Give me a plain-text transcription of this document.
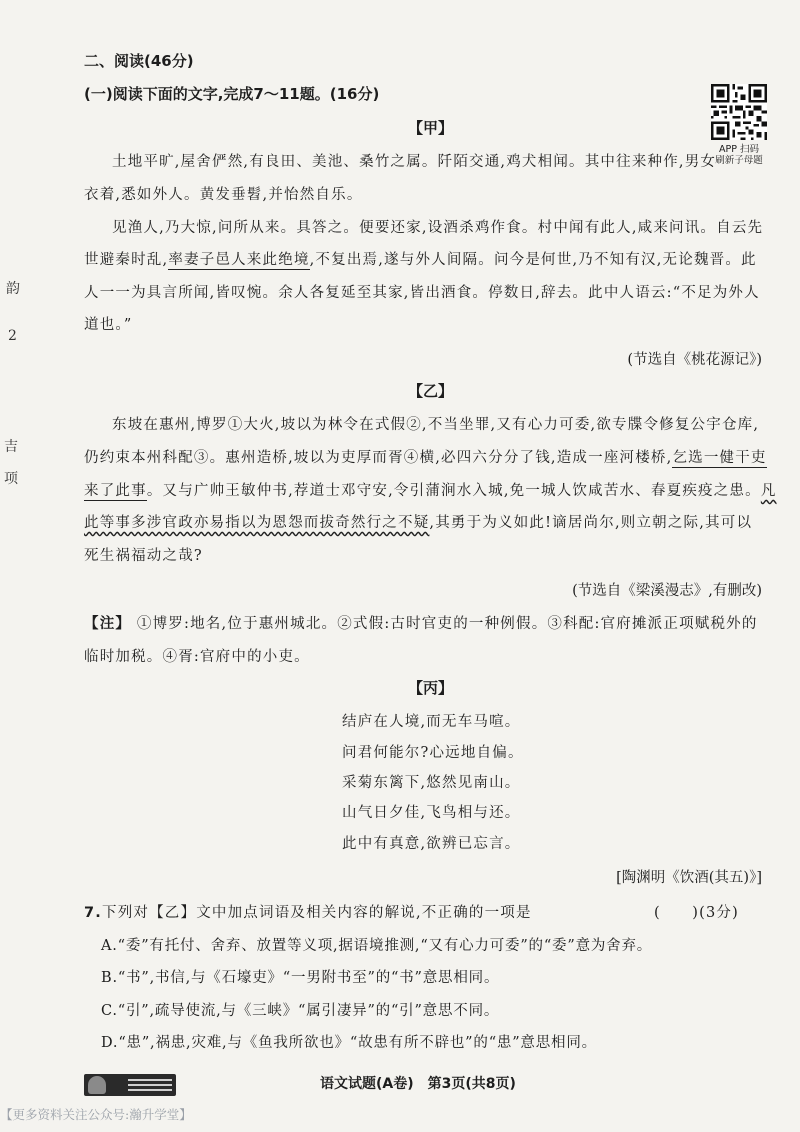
二、阅读(46分)
(一)阅读下面的文字,完成7～11题。(16分)
APP 扫码
刷新子母题
韵
2
吉
项
【甲】
土地平旷,屋舍俨然,有良田、美池、桑竹之属。阡陌交通,鸡犬相闻。其中往来种作,男女
衣着,悉如外人。黄发垂髫,并怡然自乐。
见渔人,乃大惊,问所从来。具答之。便要还家,设酒杀鸡作食。村中闻有此人,咸来问讯。自云先
世避秦时乱,率妻子邑人来此绝境,不复出焉,遂与外人间隔。问今是何世,乃不知有汉,无论魏晋。此
人一一为具言所闻,皆叹惋。余人各复延至其家,皆出酒食。停数日,辞去。此中人语云:“不足为外人
道也。”
(节选自《桃花源记》)
【乙】
东坡在惠州,博罗①大火,坡以为林令在式假②,不当坐罪,又有心力可委,欲专牒令修复公宇仓库,
仍约束本州科配③。惠州造桥,坡以为吏厚而胥④横,必四六分分了钱,造成一座河楼桥,乞选一健干吏
来了此事。又与广帅王敏仲书,荐道士邓守安,令引蒲涧水入城,免一城人饮咸苦水、春夏疾疫之患。凡
此等事多涉官政亦易指以为恩怨而拔奇然行之不疑,其勇于为义如此!谪居尚尔,则立朝之际,其可以
死生祸福动之哉?
(节选自《梁溪漫志》,有删改)
【注】 ①博罗:地名,位于惠州城北。②式假:古时官吏的一种例假。③科配:官府摊派正项赋税外的
临时加税。④胥:官府中的小吏。
【丙】
结庐在人境,而无车马喧。
问君何能尔?心远地自偏。
采菊东篱下,悠然见南山。
山气日夕佳,飞鸟相与还。
此中有真意,欲辨已忘言。
[陶渊明《饮酒(其五)》]
7.下列对【乙】文中加点词语及相关内容的解说,不正确的一项是	(　　)(3分)
A.“委”有托付、舍弃、放置等义项,据语境推测,“又有心力可委”的“委”意为舍弃。
B.“书”,书信,与《石壕吏》“一男附书至”的“书”意思相同。
C.“引”,疏导使流,与《三峡》“属引凄异”的“引”意思不同。
D.“患”,祸患,灾难,与《鱼我所欲也》“故患有所不辟也”的“患”意思相同。
语文试题(A卷)　第3页(共8页)
【更多资料关注公众号:瀚升学堂】
